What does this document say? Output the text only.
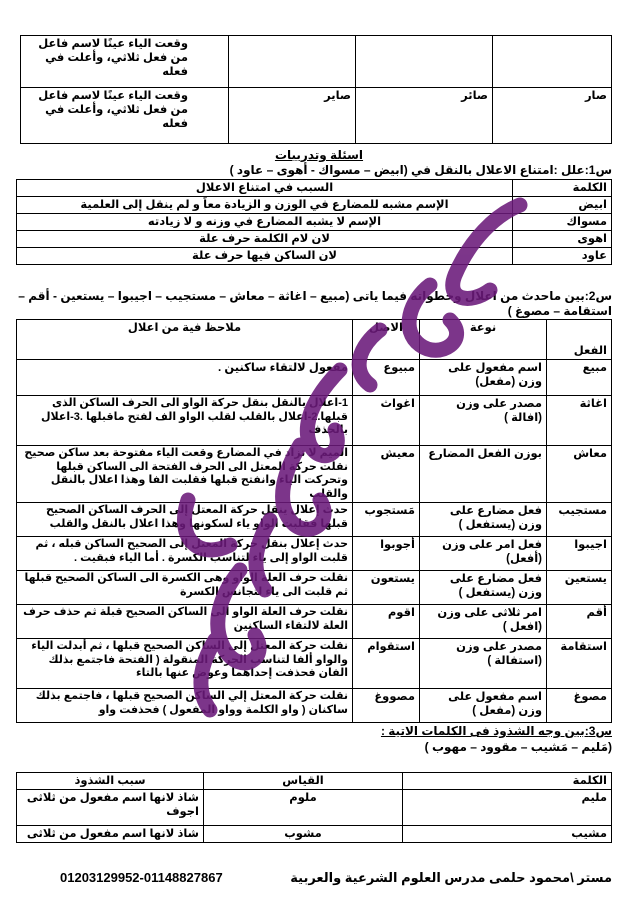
			وقعت الياء عينًا لاسم فاعل من فعل ثلاثي، وأعلت في فعله
صار	صائر	صاير	وقعت الياء عينًا لاسم فاعل من فعل ثلاثي، وأعلت في فعله
اسئلة وتدريبات
س1:علل :امتناع الاعلال بالنقل في (ابيض – مسواك - أهوى – عاود )
الكلمة	السبب في امتناع الاعلال
ابيض	الإسم مشبه للمضارع في الوزن و الزيادة معاً و لم ينقل إلى العلمية
مسواك	الإسم لا يشبه المضارع في وزنه و لا زيادته
اهوى	لان لام الكلمة حرف علة
عاود	لان الساكن فيها حرف علة
س2:بين ماحدث من اعلال وخطواته فيما ياتى (مبيع – اغاثة – معاش – مستجيب – اجيبوا – يستعين - أقم – استقامة – مصوغ )
الفعل	نوعة	الاصل	ملاحظ فية من اعلال
مبيع	اسم مفعول على وزن (مفعل)	مبيوع	مفعول لالتقاء ساكنين .
اغاثة	مصدر على وزن (افالة )	اغواث	1-اعلال بالنقل بنقل حركة الواو الى الحرف الساكن الذى قبلها.2-اعلال بالقلب لقلب الواو الف لفتح ماقبلها .3-اعلال بالحذف
معاش	بوزن الفعل المضارع	معيش	الميم لا تزاد في المضارع وقعت الياء مفتوحة بعد ساكن صحيح نقلت حركة المعتل الى الحرف الفتحة الى الساكن قبلها وتحركت الياء وانفتح قبلها فقلبت الفا وهذا اعلال بالنقل والقلب
مستجيب	فعل مضارع على وزن (يستفعل )	مَستجوب	حدث إعلال ينقل حركة المعتل إلى الحرف الساكن الصحيح قبلها فقلبت الواو ياء لسكونها وهذا اعلال بالنقل والقلب
اجيبوا	فعل امر على وزن (أفعل)	أجوبوا	حدث إعلال بنقل حركة المعتل إلى الصحيح الساكن قبله ، ثم قلبت الواو إلى ياء لتناسب الكسرة . أما الياء فبقيت .
يستعين	فعل مضارع على وزن (يستفعل )	يستعون	نقلت حرف العلة الواو وهى الكسرة الى الساكن الصحيح قبلها ثم قلبت الى ياء لتجانس الكسرة
أقم	امر ثلاثى على وزن (افعل )	اقوم	نقلت حرف العلة الواو الى الساكن الصحيح قبلة ثم حذف حرف العلة لالتقاء الساكنين
استقامة	مصدر على وزن (استفالة )	استقوام	نقلت حركة المعتل إلى الساكن الصحيح قبلها ، ثم أبدلت الياء والواو ألفا لتناسب الحركة المنقولة ( الفتحة فاجتمع بذلك الفان فحذفت إحداهما وعوض عنها بالتاء
مصوغ	اسم مفعول على وزن (مفعل )	مصووغ	نقلت حركة المعتل إلي الساكن الصحيح قبلها ، فاجتمع بذلك ساكنان ( واو الكلمة وواو المفعول ) فحذفت واو
س3:بين وجه الشذوذ فى الكلمات الاتية :
(مَليم – مَشيب – مقوود – مهوب )
الكلمة	القياس	سبب الشذوذ
مليم	ملوم	شاذ لانها اسم مفعول من ثلاثى اجوف
مشيب	مشوب	شاذ لانها اسم مفعول من ثلاثى
مستر \محمود حلمى مدرس العلوم الشرعية والعربية
01203129952-01148827867
